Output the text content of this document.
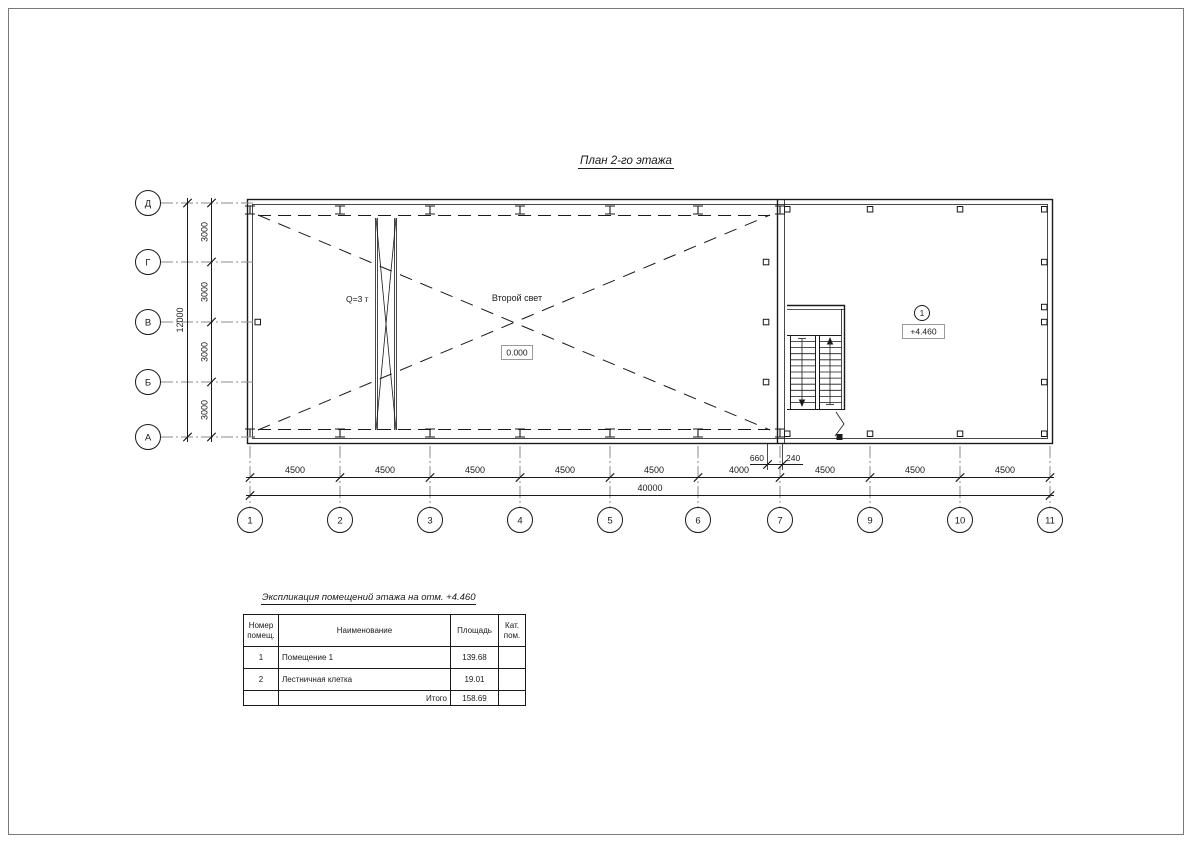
План 2-го этажа
Д
Г
В
Б
А
12000
3000
3000
3000
3000
4500	4500	4500	4500	4500	4000	4500	4500	4500
40000
660	240
1	2	3	4	5	6	7	9	10	11
Q=3 т	Второй свет
0.000
1
+4.460
Экспликация помещений этажа на отм. +4.460
Номер
помещ.	Наименование	Площадь	Кат.
пом.
1	Помещение 1	139.68	
2	Лестничная клетка	19.01	
	Итого	158.69	
